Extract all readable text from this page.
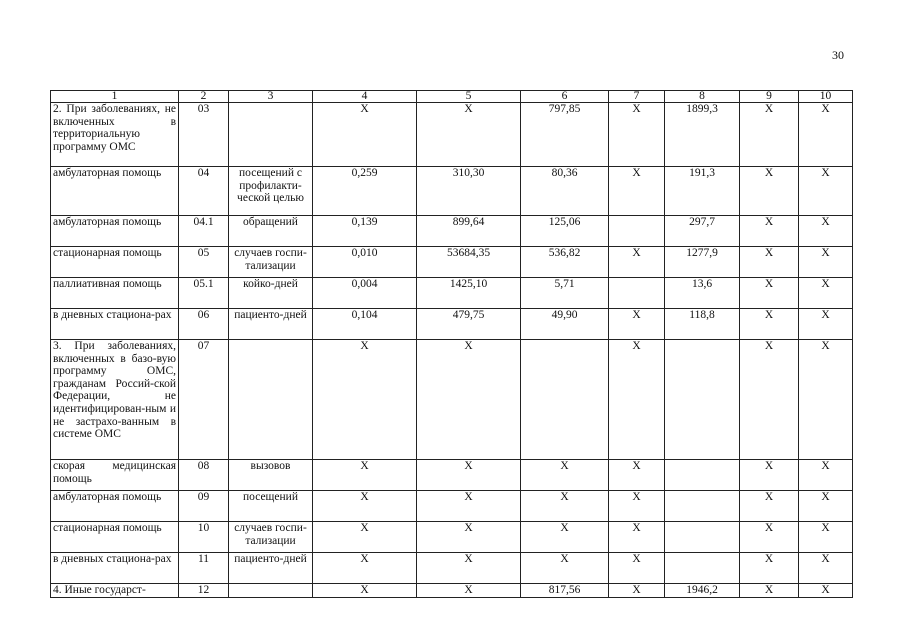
30
1	2	3	4	5	6	7	8	9	10
2. При заболеваниях, не включенных в территориальную программу ОМС	03		X	X	797,85	X	1899,3	X	X
амбулаторная помощь	04	посещений с профилакти-ческой целью	0,259	310,30	80,36	X	191,3	X	X
амбулаторная помощь	04.1	обращений	0,139	899,64	125,06		297,7	X	X
стационарная помощь	05	случаев госпи-тализации	0,010	53684,35	536,82	X	1277,9	X	X
паллиативная помощь	05.1	койко-дней	0,004	1425,10	5,71		13,6	X	X
в дневных стациона-рах	06	пациенто-дней	0,104	479,75	49,90	X	118,8	X	X
3. При заболеваниях, включенных в базо-вую программу ОМС, гражданам Россий-ской Федерации, не идентифицирован-ным и не застрахо-ванным в системе ОМС	07		X	X		X		X	X
скорая медицинская помощь	08	вызовов	X	X	X	X		X	X
амбулаторная помощь	09	посещений	X	X	X	X		X	X
стационарная помощь	10	случаев госпи-тализации	X	X	X	X		X	X
в дневных стациона-рах	11	пациенто-дней	X	X	X	X		X	X
4. Иные государст-	12		X	X	817,56	X	1946,2	X	X
